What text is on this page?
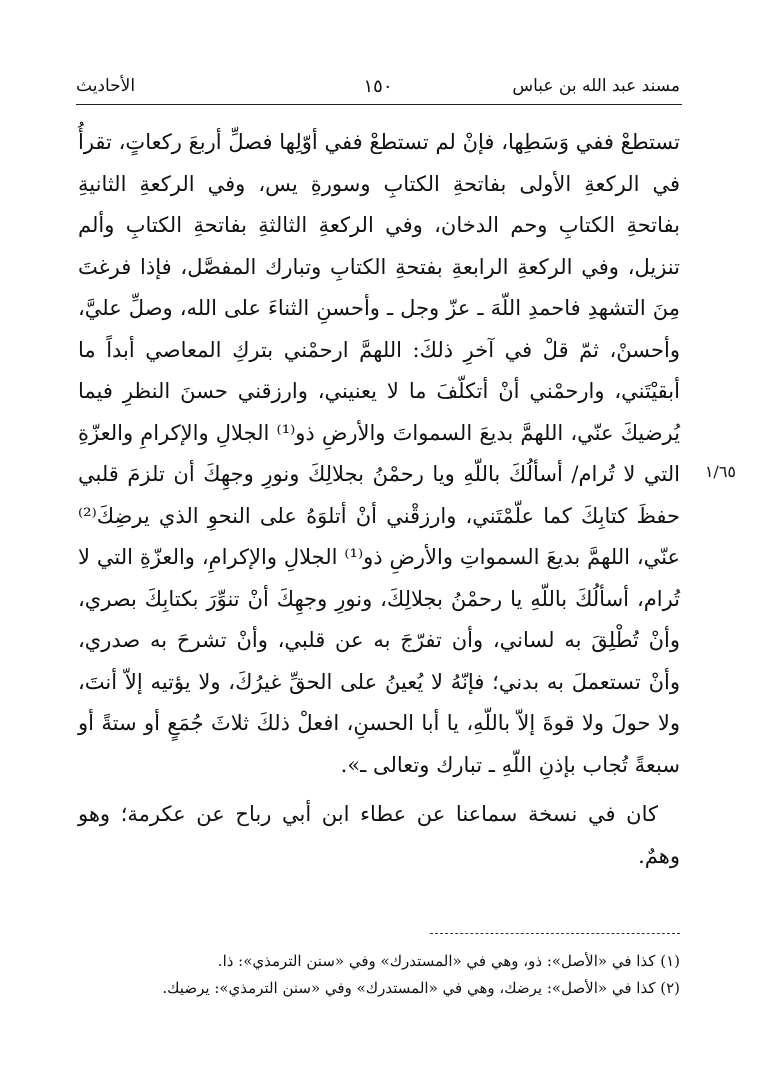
مسند عبد الله بن عباس
١٥٠
الأحاديث
١/٦٥

تستطعْ ففي وَسَطِها، فإنْ لم تستطعْ ففي أوّلِها فصلِّ أربعَ ركعاتٍ، تقرأُ في الركعةِ الأولى بفاتحةِ الكتابِ وسورةِ يس، وفي الركعةِ الثانيةِ بفاتحةِ الكتابِ وحم الدخان، وفي الركعةِ الثالثةِ بفاتحةِ الكتابِ وألم تنزيل، وفي الركعةِ الرابعةِ بفتحةِ الكتابِ وتبارك المفصَّل، فإذا فرغتَ مِنَ التشهدِ فاحمدِ اللّهَ ـ عزّ وجل ـ وأحسنِ الثناءَ على الله، وصلِّ عليَّ، وأحسنْ، ثمّ قلْ في آخرِ ذلكَ: اللهمَّ ارحمْني بتركِ المعاصي أبداً ما أبقيْتَني، وارحمْني أنْ أتكلّفَ ما لا يعنيني، وارزقني حسنَ النظرِ فيما يُرضيكَ عنّي، اللهمَّ بديعَ السمواتَ والأرضِ ذو⁽¹⁾ الجلالِ والإكرامِ والعزّةِ التي لا تُرام/ أسألُكَ باللّهِ ويا رحمْنُ بجلالِكَ ونورِ وجهِكَ أن تلزمَ قلبي حفظَ كتابِكَ كما علّمْتَني، وارزقْني أنْ أتلوَهُ على النحوِ الذي يرضِكَ⁽²⁾ عنّي، اللهمَّ بديعَ السمواتِ والأرضِ ذو⁽¹⁾ الجلالِ والإكرامِ، والعزّةِ التي لا تُرام، أسألُكَ باللّهِ يا رحمْنُ بجلالِكَ، ونورِ وجهِكَ أنْ تنوِّرَ بكتابِكَ بصري، وأنْ تُطْلِقَ به لساني، وأن تفرّجَ به عن قلبي، وأنْ تشرحَ به صدري، وأنْ تستعملَ به بدني؛ فإنّهُ لا يُعينُ على الحقِّ غيرُكَ، ولا يؤتيه إلاّ أنتَ، ولا حولَ ولا قوةَ إلاّ باللّهِ، يا أبا الحسنِ، افعلْ ذلكَ ثلاثَ جُمَعٍ أو ستةً أو سبعةً تُجاب بإذنِ اللّهِ ـ تبارك وتعالى ـ».

كان في نسخة سماعنا عن عطاء ابن أبي رباح عن عكرمة؛ وهو وهمٌ.

(١) كذا في «الأصل»: ذو، وهي في «المستدرك» وفي «سنن الترمذي»: ذا.
(٢) كذا في «الأصل»: يرضك، وهي في «المستدرك» وفي «سنن الترمذي»: يرضيك.
